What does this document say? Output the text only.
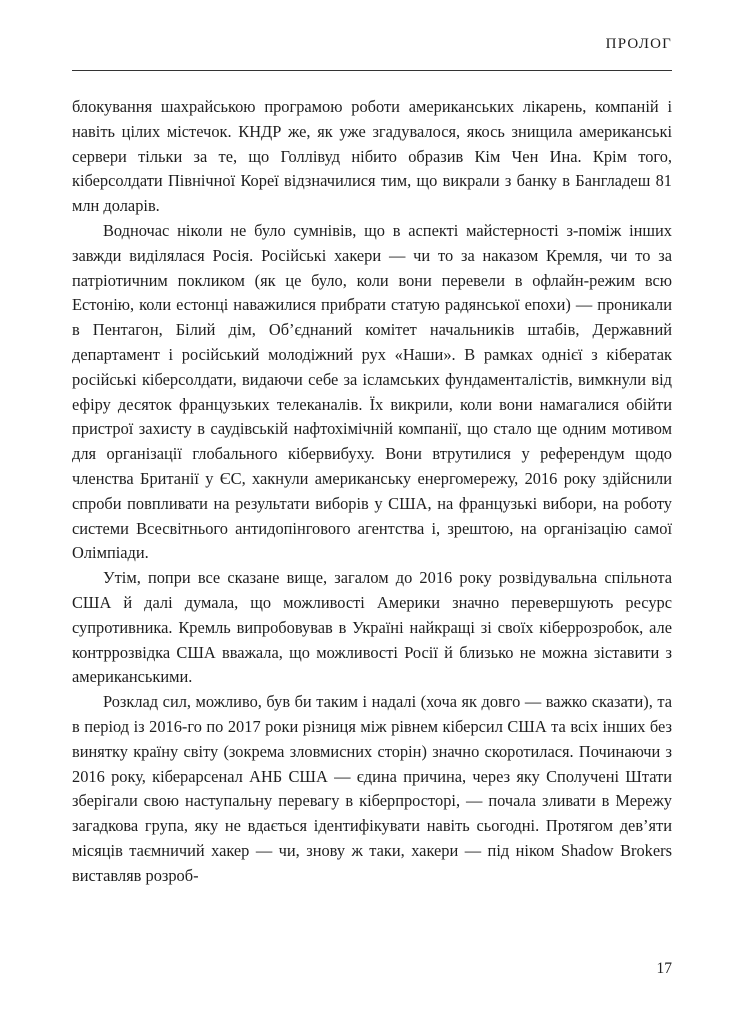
ПРОЛОГ

блокування шахрайською програмою роботи американських лікарень, компаній і навіть цілих містечок. КНДР же, як уже згадувалося, якось знищила американські сервери тільки за те, що Голлівуд нібито образив Кім Чен Ина. Крім того, кіберсолдати Північної Кореї відзначилися тим, що викрали з банку в Бангладеш 81 млн доларів.

Водночас ніколи не було сумнівів, що в аспекті майстерності з-поміж інших завжди виділялася Росія. Російські хакери — чи то за наказом Кремля, чи то за патріотичним покликом (як це було, коли вони перевели в офлайн-режим всю Естонію, коли естонці наважилися прибрати статую радянської епохи) — проникали в Пентагон, Білий дім, Об’єднаний комітет начальників штабів, Державний департамент і російський молодіжний рух «Наши». В рамках однієї з кібератак російські кіберсолдати, видаючи себе за ісламських фундаменталістів, вимкнули від ефіру десяток французьких телеканалів. Їх викрили, коли вони намагалися обійти пристрої захисту в саудівській нафтохімічній компанії, що стало ще одним мотивом для організації глобального кібервибуху. Вони втрутилися у референдум щодо членства Британії у ЄС, хакнули американську енергомережу, 2016 року здійснили спроби повпливати на результати виборів у США, на французькі вибори, на роботу системи Всесвітнього антидопінгового агентства і, зрештою, на організацію самої Олімпіади.

Утім, попри все сказане вище, загалом до 2016 року розвідувальна спільнота США й далі думала, що можливості Америки значно перевершують ресурс супротивника. Кремль випробовував в Україні найкращі зі своїх кіберрозробок, але контррозвідка США вважала, що можливості Росії й близько не можна зіставити з американськими.

Розклад сил, можливо, був би таким і надалі (хоча як довго — важко сказати), та в період із 2016-го по 2017 роки різниця між рівнем кіберсил США та всіх інших без винятку країну світу (зокрема зловмисних сторін) значно скоротилася. Починаючи з 2016 року, кіберарсенал АНБ США — єдина причина, через яку Сполучені Штати зберігали свою наступальну перевагу в кіберпросторі, — почала зливати в Мережу загадкова група, яку не вдається ідентифікувати навіть сьогодні. Протягом дев’яти місяців таємничий хакер — чи, знову ж таки, хакери — під ніком Shadow Brokers виставляв розроб-

17
